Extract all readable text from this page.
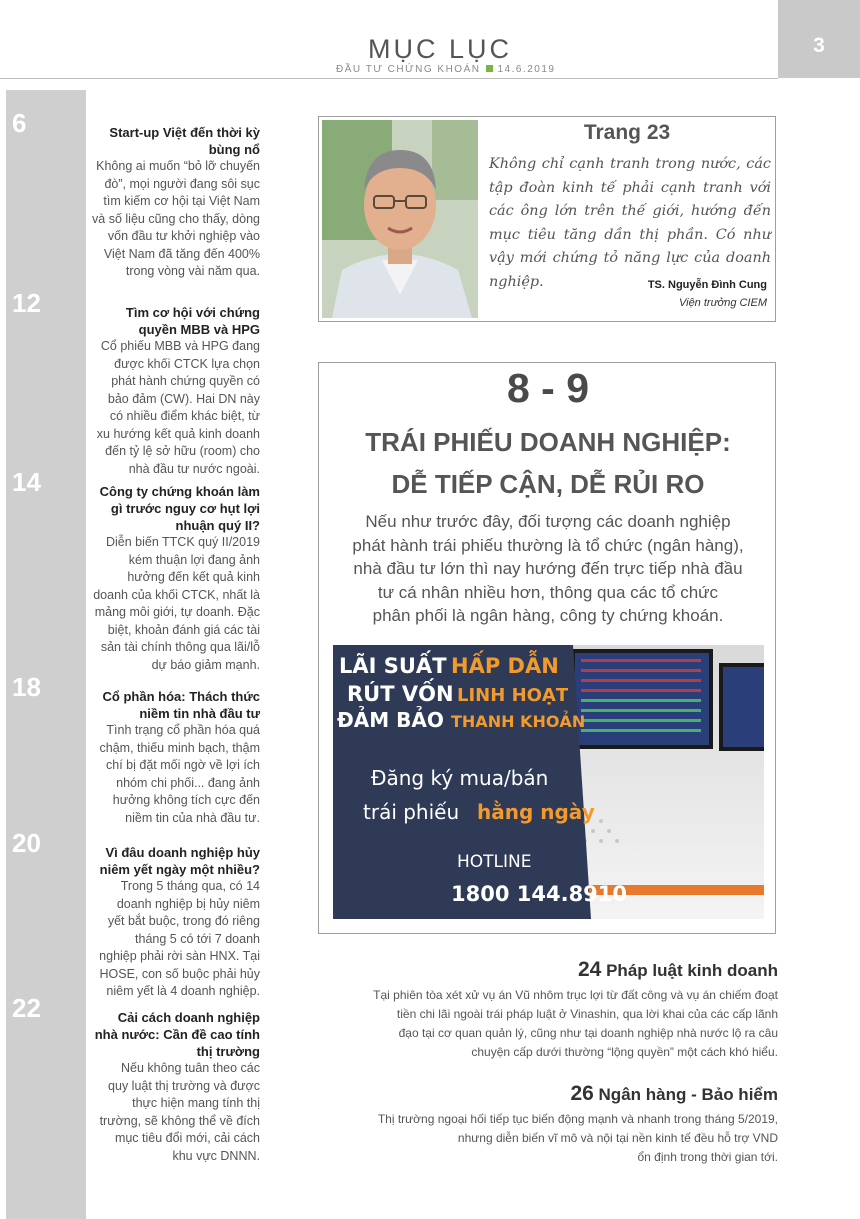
MỤC LỤC
ĐẦU TƯ CHỨNG KHOÁN 14.6.2019
3
6	Start-up Việt đến thời kỳ
bùng nổ
Không ai muốn “bỏ lỡ chuyến
đò”, mọi người đang sôi sục
tìm kiếm cơ hội tại Việt Nam
và số liệu cũng cho thấy, dòng
vốn đầu tư khởi nghiệp vào
Việt Nam đã tăng đến 400%
trong vòng vài năm qua.
12	Tìm cơ hội với chứng
quyền MBB và HPG
Cổ phiếu MBB và HPG đang
được khối CTCK lựa chọn
phát hành chứng quyền có
bảo đảm (CW). Hai DN này
có nhiều điểm khác biệt, từ
xu hướng kết quả kinh doanh
đến tỷ lệ sở hữu (room) cho
nhà đầu tư nước ngoài.
14	Công ty chứng khoán làm
gì trước nguy cơ hụt lợi
nhuận quý II?
Diễn biến TTCK quý II/2019
kém thuận lợi đang ảnh
hưởng đến kết quả kinh
doanh của khối CTCK, nhất là
mảng môi giới, tự doanh. Đặc
biệt, khoản đánh giá các tài
sản tài chính thông qua lãi/lỗ
dự báo giảm mạnh.
18	Cổ phần hóa: Thách thức
niềm tin nhà đầu tư
Tình trạng cổ phần hóa quá
chậm, thiếu minh bạch, thậm
chí bị đặt mối ngờ về lợi ích
nhóm chi phối... đang ảnh
hưởng không tích cực đến
niềm tin của nhà đầu tư.
20	Vì đâu doanh nghiệp hủy
niêm yết ngày một nhiều?
Trong 5 tháng qua, có 14
doanh nghiệp bị hủy niêm
yết bắt buộc, trong đó riêng
tháng 5 có tới 7 doanh
nghiệp phải rời sàn HNX. Tại
HOSE, con số buộc phải hủy
niêm yết là 4 doanh nghiệp.
22	Cải cách doanh nghiệp
nhà nước: Cần đề cao tính
thị trường
Nếu không tuân theo các
quy luật thị trường và được
thực hiện mang tính thị
trường, sẽ không thể về đích
mục tiêu đổi mới, cải cách
khu vực DNNN.
Trang 23
Không chỉ cạnh tranh trong nước, các tập đoàn kinh tế phải cạnh tranh với các ông lớn trên thế giới, hướng đến mục tiêu tăng dần thị phần. Có như vậy mới chứng tỏ năng lực của doanh nghiệp.	TS. Nguyễn Đình Cung
Viện trưởng CIEM
8 - 9
TRÁI PHIẾU DOANH NGHIỆP:
DỄ TIẾP CẬN, DỄ RỦI RO
Nếu như trước đây, đối tượng các doanh nghiệp
phát hành trái phiếu thường là tổ chức (ngân hàng),
nhà đầu tư lớn thì nay hướng đến trực tiếp nhà đầu
tư cá nhân nhiều hơn, thông qua các tổ chức
phân phối là ngân hàng, công ty chứng khoán.
LÃI SUẤT HẤP DẪN
RÚT VỐN LINH HOẠT
ĐẢM BẢO THANH KHOẢN
Đăng ký mua/bán
trái phiếu hằng ngày
HOTLINE
1800 144.8910
24 Pháp luật kinh doanh
Tại phiên tòa xét xử vụ án Vũ nhôm trục lợi từ đất công và vụ án chiếm đoạt
tiền chi lãi ngoài trái pháp luật ở Vinashin, qua lời khai của các cấp lãnh
đạo tại cơ quan quản lý, cũng như tại doanh nghiệp nhà nước lộ ra câu
chuyện cấp dưới thường “lộng quyền” một cách khó hiểu.
26 Ngân hàng - Bảo hiểm
Thị trường ngoại hối tiếp tục biến động mạnh và nhanh trong tháng 5/2019,
nhưng diễn biến vĩ mô và nội tại nền kinh tế đều hỗ trợ VND
ổn định trong thời gian tới.
